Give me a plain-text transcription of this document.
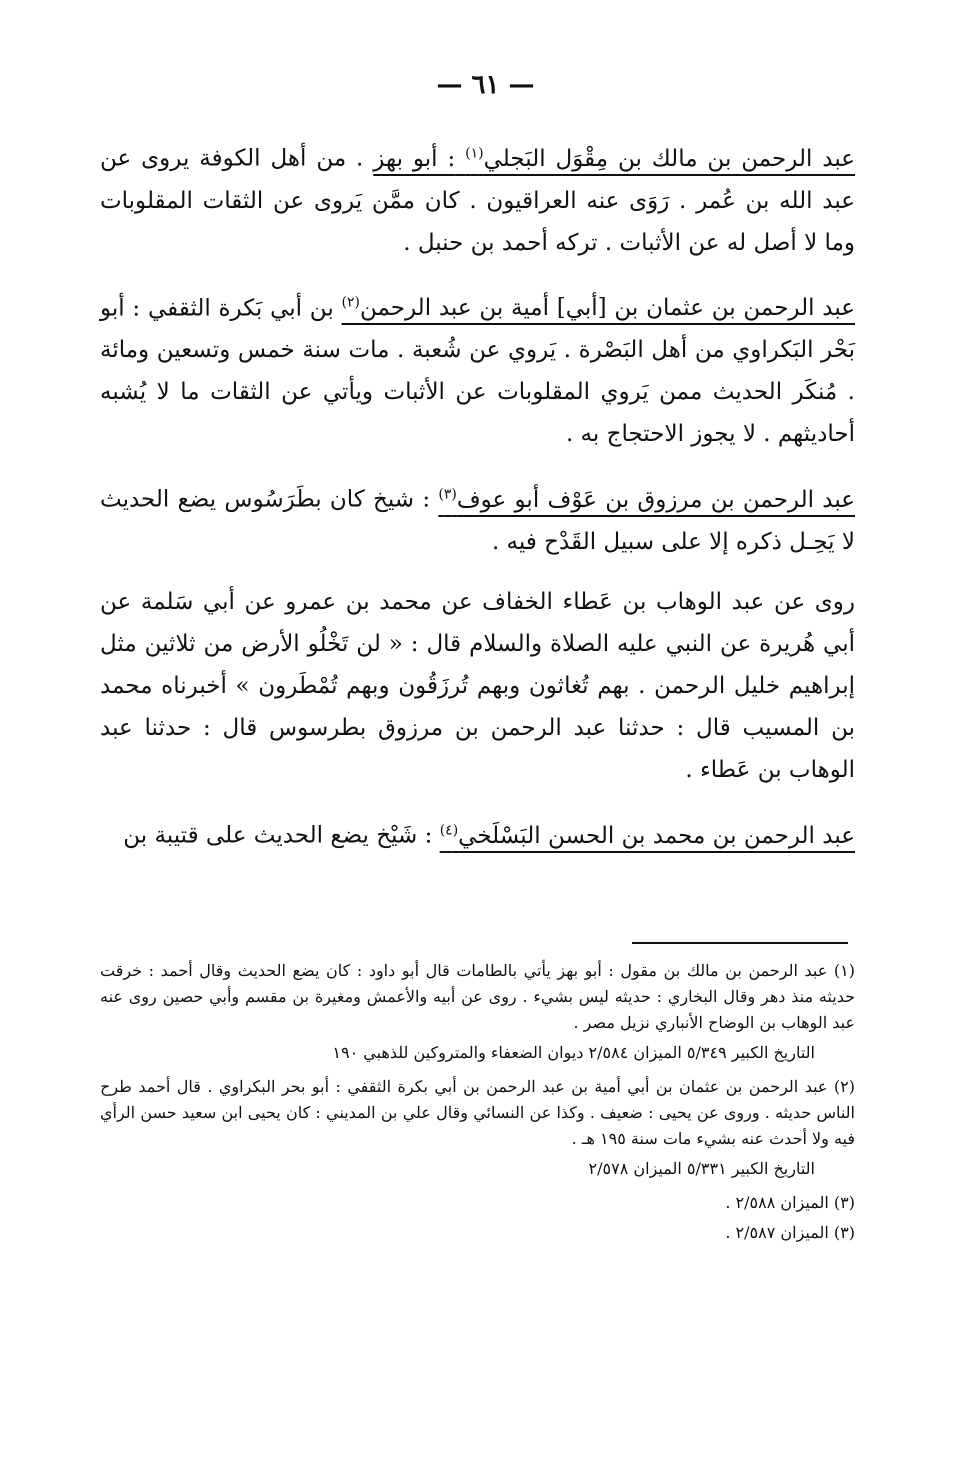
— ٦١ —

عبد الرحمن بن مالك بن مِقْوَل البَجلي$^{(١)}$ : أبو بهز . من أهل الكوفة يروى عن عبد الله بن عُمر . رَوَى عنه العراقيون . كان ممَّن يَروى عن الثقات المقلوبات وما لا أصل له عن الأثبات . تركه أحمد بن حنبل .

عبد الرحمن بن عثمان بن [أبي] أمية بن عبد الرحمن$^{(٢)}$ بن أبي بَكرة الثقفي : أبو بَحْر البَكراوي من أهل البَصْرة . يَروي عن شُعبة . مات سنة خمس وتسعين ومائة . مُنكَر الحديث ممن يَروي المقلوبات عن الأثبات ويأتي عن الثقات ما لا يُشبه أحاديثهم . لا يجوز الاحتجاج به .

عبد الرحمن بن مرزوق بن عَوْف أبو عوف$^{(٣)}$ : شيخ كان بطَرَسُوس يضع الحديث لا يَحِـل ذكره إلا على سبيل القَدْح فيه .

روى عن عبد الوهاب بن عَطاء الخفاف عن محمد بن عمرو عن أبي سَلمة عن أبي هُريرة عن النبي عليه الصلاة والسلام قال : « لن تَخْلُو الأرض من ثلاثين مثل إبراهيم خليل الرحمن . بهم تُغاثون وبهم تُرزَقُون وبهم تُمْطَرون » أخبرناه محمد بن المسيب قال : حدثنا عبد الرحمن بن مرزوق بطرسوس قال : حدثنا عبد الوهاب بن عَطاء .

عبد الرحمن بن محمد بن الحسن البَسْلَخي$^{(٤)}$ : شَيْخ يضع الحديث على قتيبة بن

(١) عبد الرحمن بن مالك بن مقول : أبو بهز يأتي بالطامات قال أبو داود : كان يضع الحديث وقال أحمد : خرقت حديثه منذ دهر وقال البخاري : حديثه ليس بشيء . روى عن أبيه والأعمش ومغيرة بن مقسم وأبي حصين روى عنه عبد الوهاب بن الوضاح الأنباري نزيل مصر .

التاريخ الكبير ٥/٣٤٩ الميزان ٢/٥٨٤ ديوان الضعفاء والمتروكين للذهبي ١٩٠

(٢) عبد الرحمن بن عثمان بن أبي أمية بن عبد الرحمن بن أبي بكرة الثقفي : أبو بحر البكراوي . قال أحمد طرح الناس حديثه . وروى عن يحيى : ضعيف . وكذا عن النسائي وقال علي بن المديني : كان يحيى ابن سعيد حسن الرأي فيه ولا أحدث عنه بشيء مات سنة ١٩٥ هـ .

التاريخ الكبير ٥/٣٣١ الميزان ٢/٥٧٨

(٣) الميزان ٢/٥٨٨ .

(٣) الميزان ٢/٥٨٧ .
